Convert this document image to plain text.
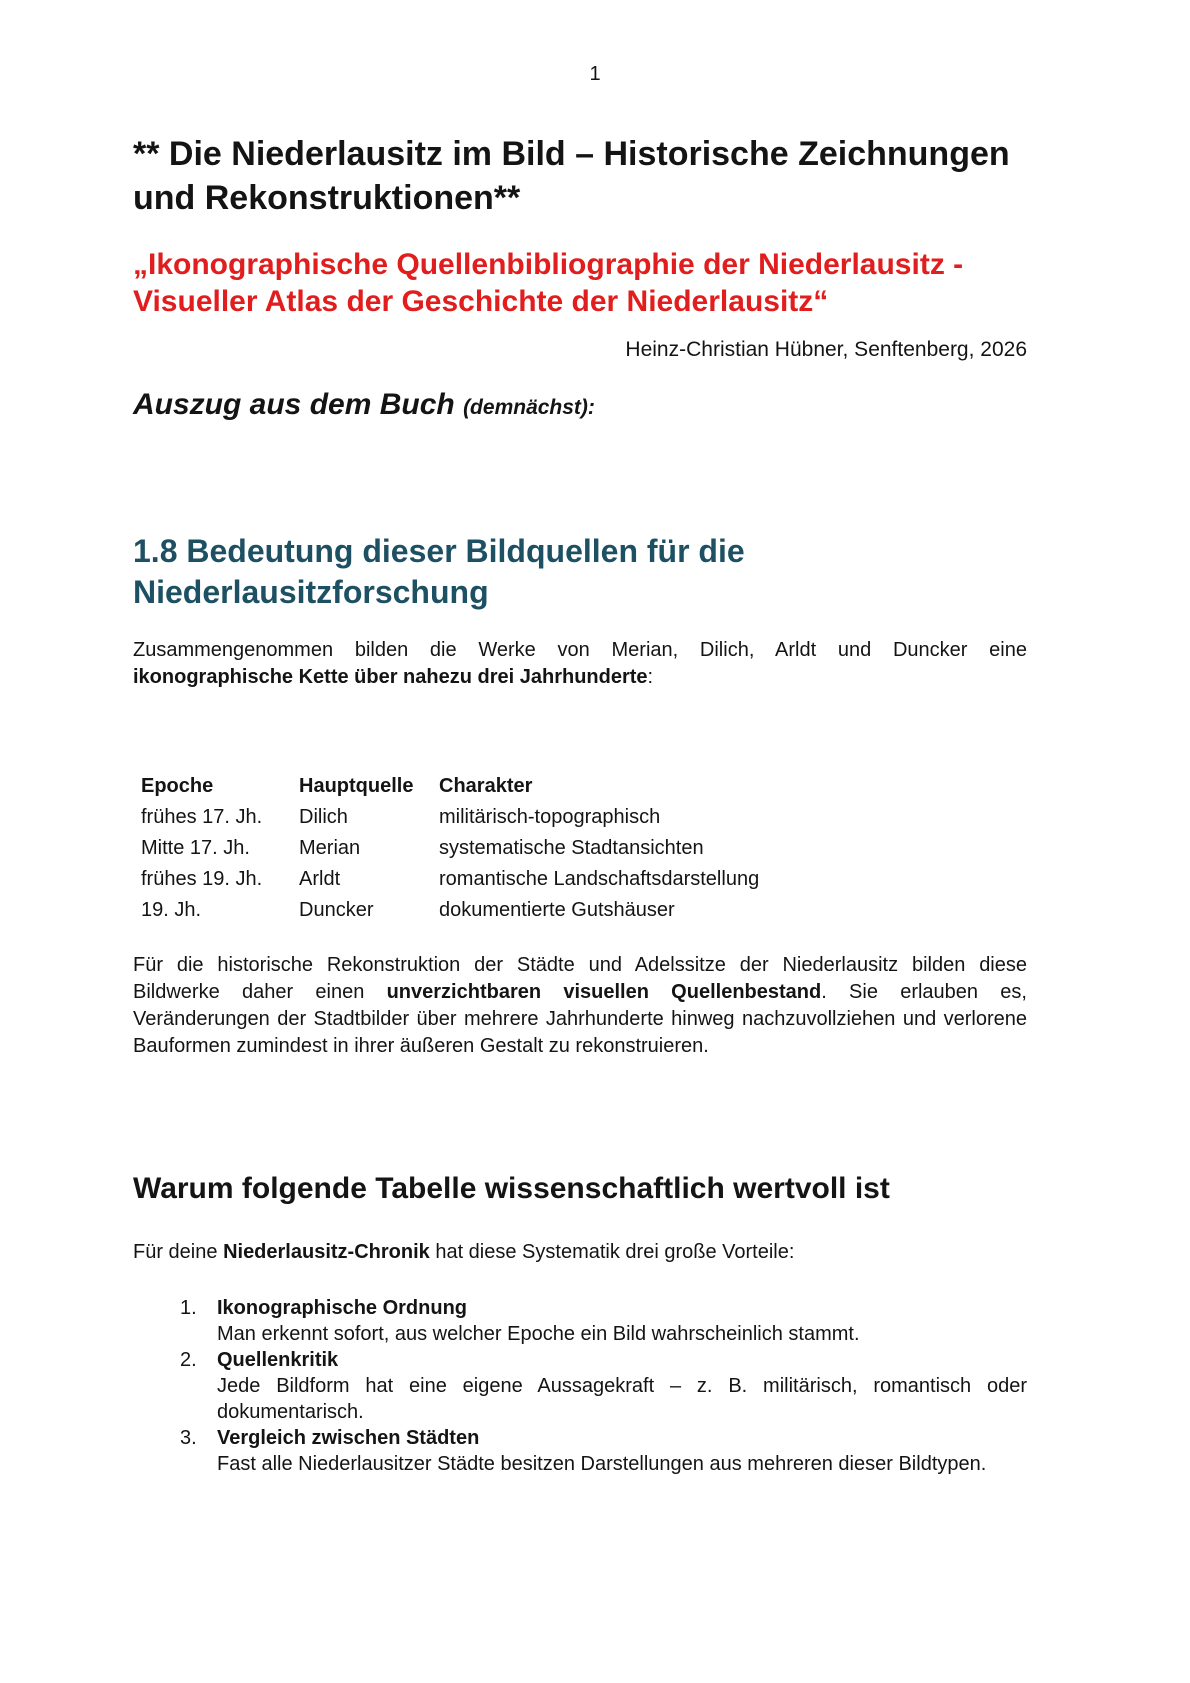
1
** Die Niederlausitz im Bild – Historische Zeichnungen und Rekonstruktionen**
„Ikonographische Quellenbibliographie der Niederlausitz - Visueller Atlas der Geschichte der Niederlausitz“
Heinz-Christian Hübner, Senftenberg, 2026
Auszug aus dem Buch (demnächst):
1.8 Bedeutung dieser Bildquellen für die Niederlausitzforschung

Zusammengenommen bilden die Werke von Merian, Dilich, Arldt und Duncker eine ikonographische Kette über nahezu drei Jahrhunderte:

Epoche	Hauptquelle	Charakter
frühes 17. Jh.	Dilich	militärisch-topographisch
Mitte 17. Jh.	Merian	systematische Stadtansichten
frühes 19. Jh.	Arldt	romantische Landschaftsdarstellung
19. Jh.	Duncker	dokumentierte Gutshäuser

Für die historische Rekonstruktion der Städte und Adelssitze der Niederlausitz bilden diese Bildwerke daher einen unverzichtbaren visuellen Quellenbestand. Sie erlauben es, Veränderungen der Stadtbilder über mehrere Jahrhunderte hinweg nachzuvollziehen und verlorene Bauformen zumindest in ihrer äußeren Gestalt zu rekonstruieren.

Warum folgende Tabelle wissenschaftlich wertvoll ist

Für deine Niederlausitz-Chronik hat diese Systematik drei große Vorteile:

1.	Ikonographische Ordnung
Man erkennt sofort, aus welcher Epoche ein Bild wahrscheinlich stammt.
2.	Quellenkritik
Jede Bildform hat eine eigene Aussagekraft – z. B. militärisch, romantisch oder dokumentarisch.
3.	Vergleich zwischen Städten
Fast alle Niederlausitzer Städte besitzen Darstellungen aus mehreren dieser Bildtypen.
